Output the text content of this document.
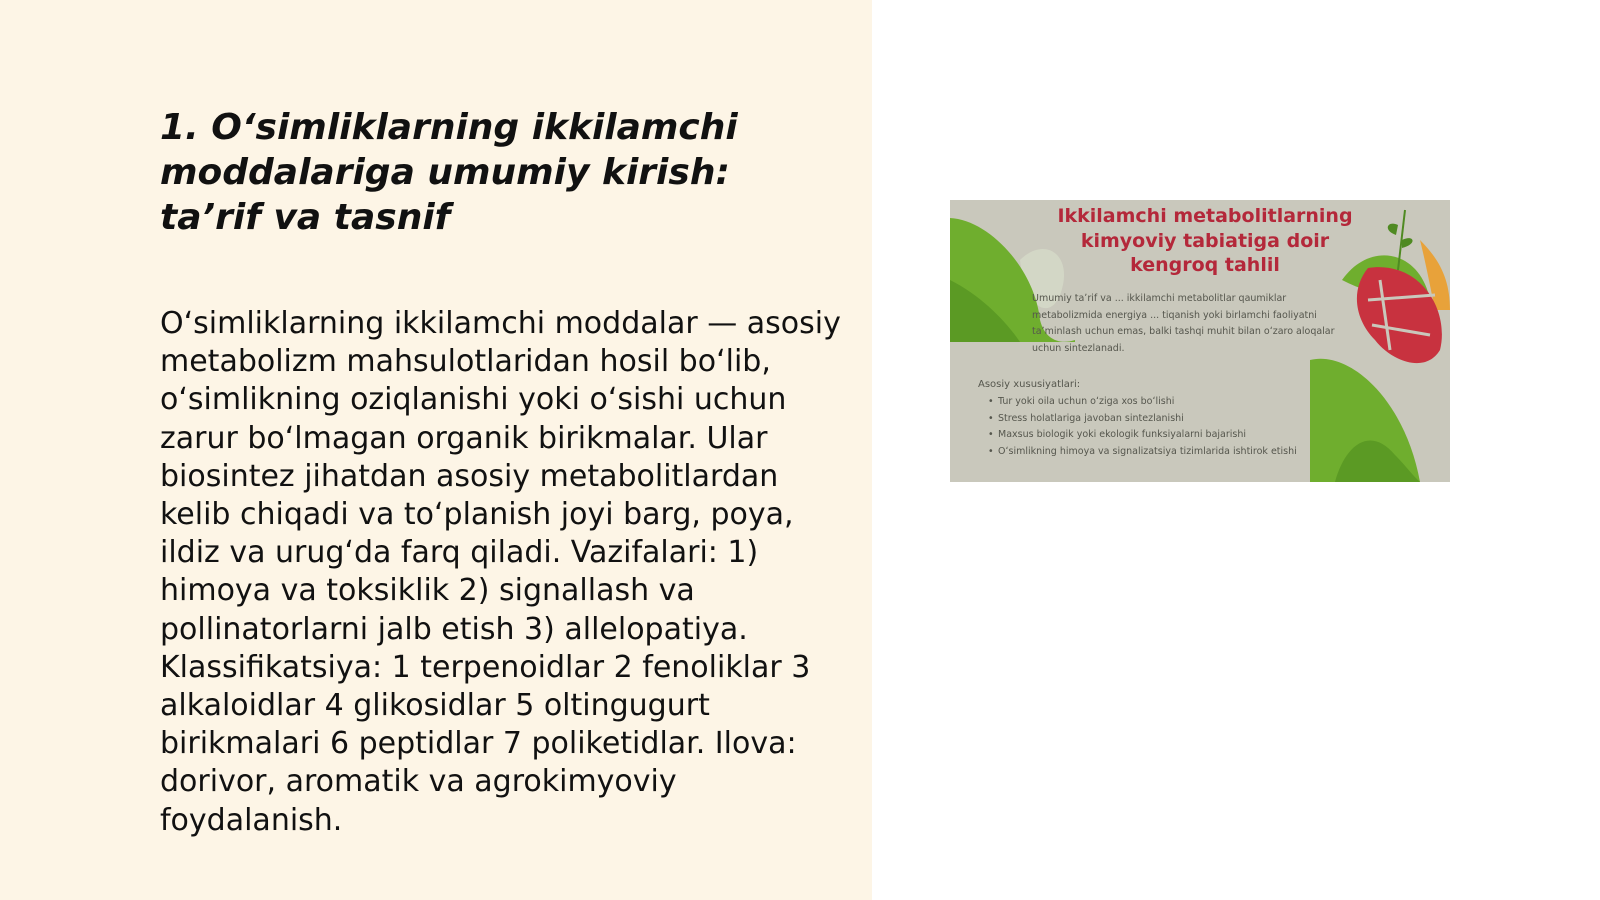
1. Oʻsimliklarning ikkilamchi moddalariga umumiy kirish: taʼrif va tasnif

Oʻsimliklarning ikkilamchi moddalar — asosiy metabolizm mahsulotlaridan hosil boʻlib, oʻsimlikning oziqlanishi yoki oʻsishi uchun zarur boʻlmagan organik birikmalar. Ular biosintez jihatdan asosiy metabolitlardan kelib chiqadi va toʻplanish joyi barg, poya, ildiz va urugʻda farq qiladi. Vazifalari: 1) himoya va toksiklik 2) signallash va pollinatorlarni jalb etish 3) allelopatiya. Klassifikatsiya: 1 terpenoidlar 2 fenoliklar 3 alkaloidlar 4 glikosidlar 5 oltingugurt birikmalari 6 peptidlar 7 poliketidlar. Ilova: dorivor, aromatik va agrokimyoviy foydalanish.

Ikkilamchi metabolitlarning kimyoviy tabiatiga doir kengroq tahlil

Umumiy taʼrif va ... ikkilamchi metabolitlar qaumiklar metabolizmida energiya ... tiqanish yoki birlamchi faoliyatni taʼminlash uchun emas, balki tashqi muhit bilan oʻzaro aloqalar uchun sintezlanadi.

Asosiy xususiyatlari:

• Tur yoki oila uchun oʻziga xos boʻlishi
• Stress holatlariga javoban sintezlanishi
• Maxsus biologik yoki ekologik funksiyalarni bajarishi
• Oʻsimlikning himoya va signalizatsiya tizimlarida ishtirok etishi
